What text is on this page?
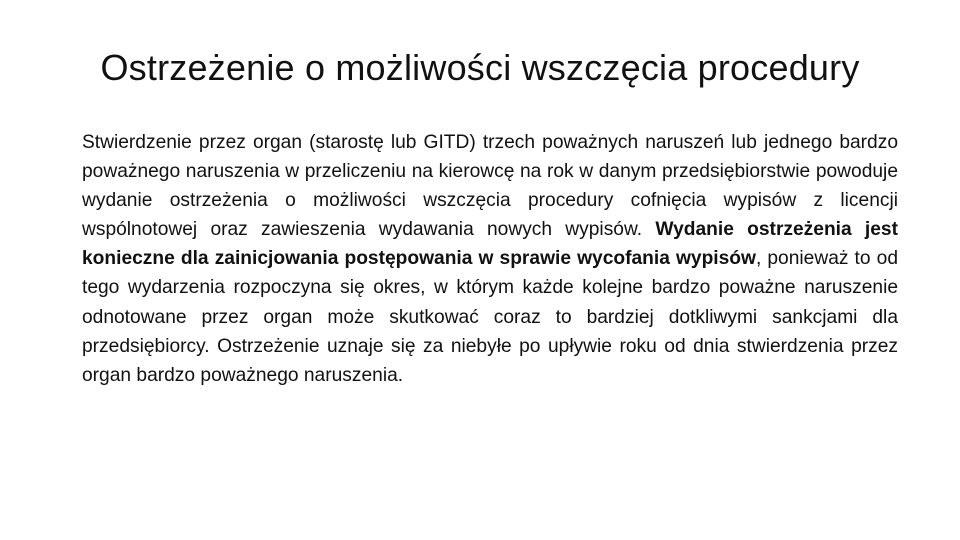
Ostrzeżenie o możliwości wszczęcia procedury

Stwierdzenie przez organ (starostę lub GITD) trzech poważnych naruszeń lub jednego bardzo poważnego naruszenia w przeliczeniu na kierowcę na rok w danym przedsiębiorstwie powoduje wydanie ostrzeżenia o możliwości wszczęcia procedury cofnięcia wypisów z licencji wspólnotowej oraz zawieszenia wydawania nowych wypisów. Wydanie ostrzeżenia jest konieczne dla zainicjowania postępowania w sprawie wycofania wypisów, ponieważ to od tego wydarzenia rozpoczyna się okres, w którym każde kolejne bardzo poważne naruszenie odnotowane przez organ może skutkować coraz to bardziej dotkliwymi sankcjami dla przedsiębiorcy. Ostrzeżenie uznaje się za niebyłe po upływie roku od dnia stwierdzenia przez organ bardzo poważnego naruszenia.
